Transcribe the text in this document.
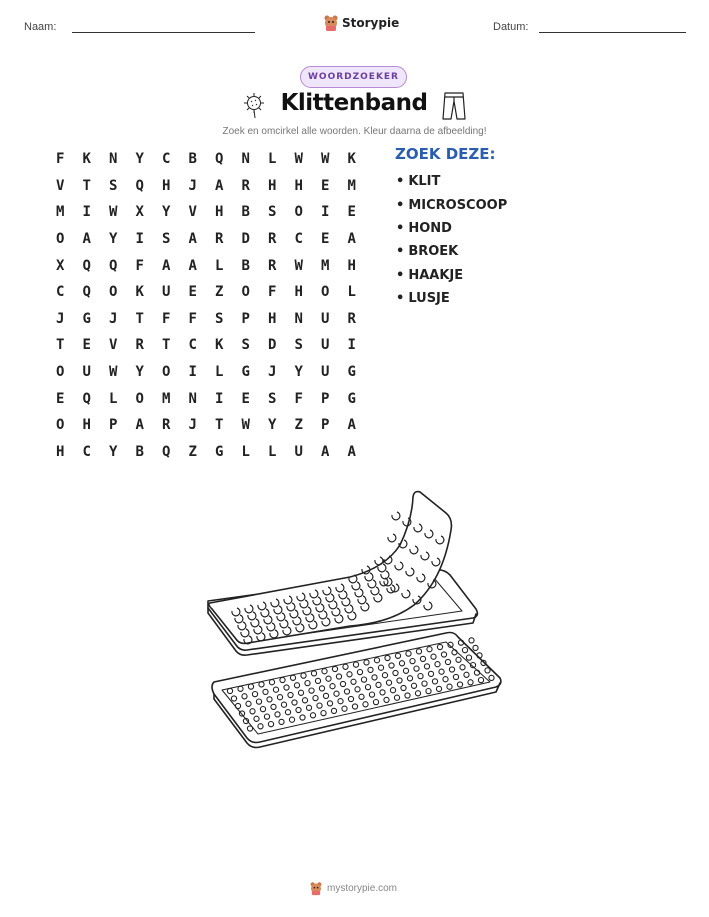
Naam:	Storypie	Datum:
WOORDZOEKER
Klittenband
Zoek en omcirkel alle woorden. Kleur daarna de afbeelding!
F	K	N	Y	C	B	Q	N	L	W	W	K
V	T	S	Q	H	J	A	R	H	H	E	M
M	I	W	X	Y	V	H	B	S	O	I	E
O	A	Y	I	S	A	R	D	R	C	E	A
X	Q	Q	F	A	A	L	B	R	W	M	H
C	Q	O	K	U	E	Z	O	F	H	O	L
J	G	J	T	F	F	S	P	H	N	U	R
T	E	V	R	T	C	K	S	D	S	U	I
O	U	W	Y	O	I	L	G	J	Y	U	G
E	Q	L	O	M	N	I	E	S	F	P	G
O	H	P	A	R	J	T	W	Y	Z	P	A
H	C	Y	B	Q	Z	G	L	L	U	A	A
ZOEK DEZE:
• KLIT
• MICROSCOOP
• HOND
• BROEK
• HAAKJE
• LUSJE
mystorypie.com
